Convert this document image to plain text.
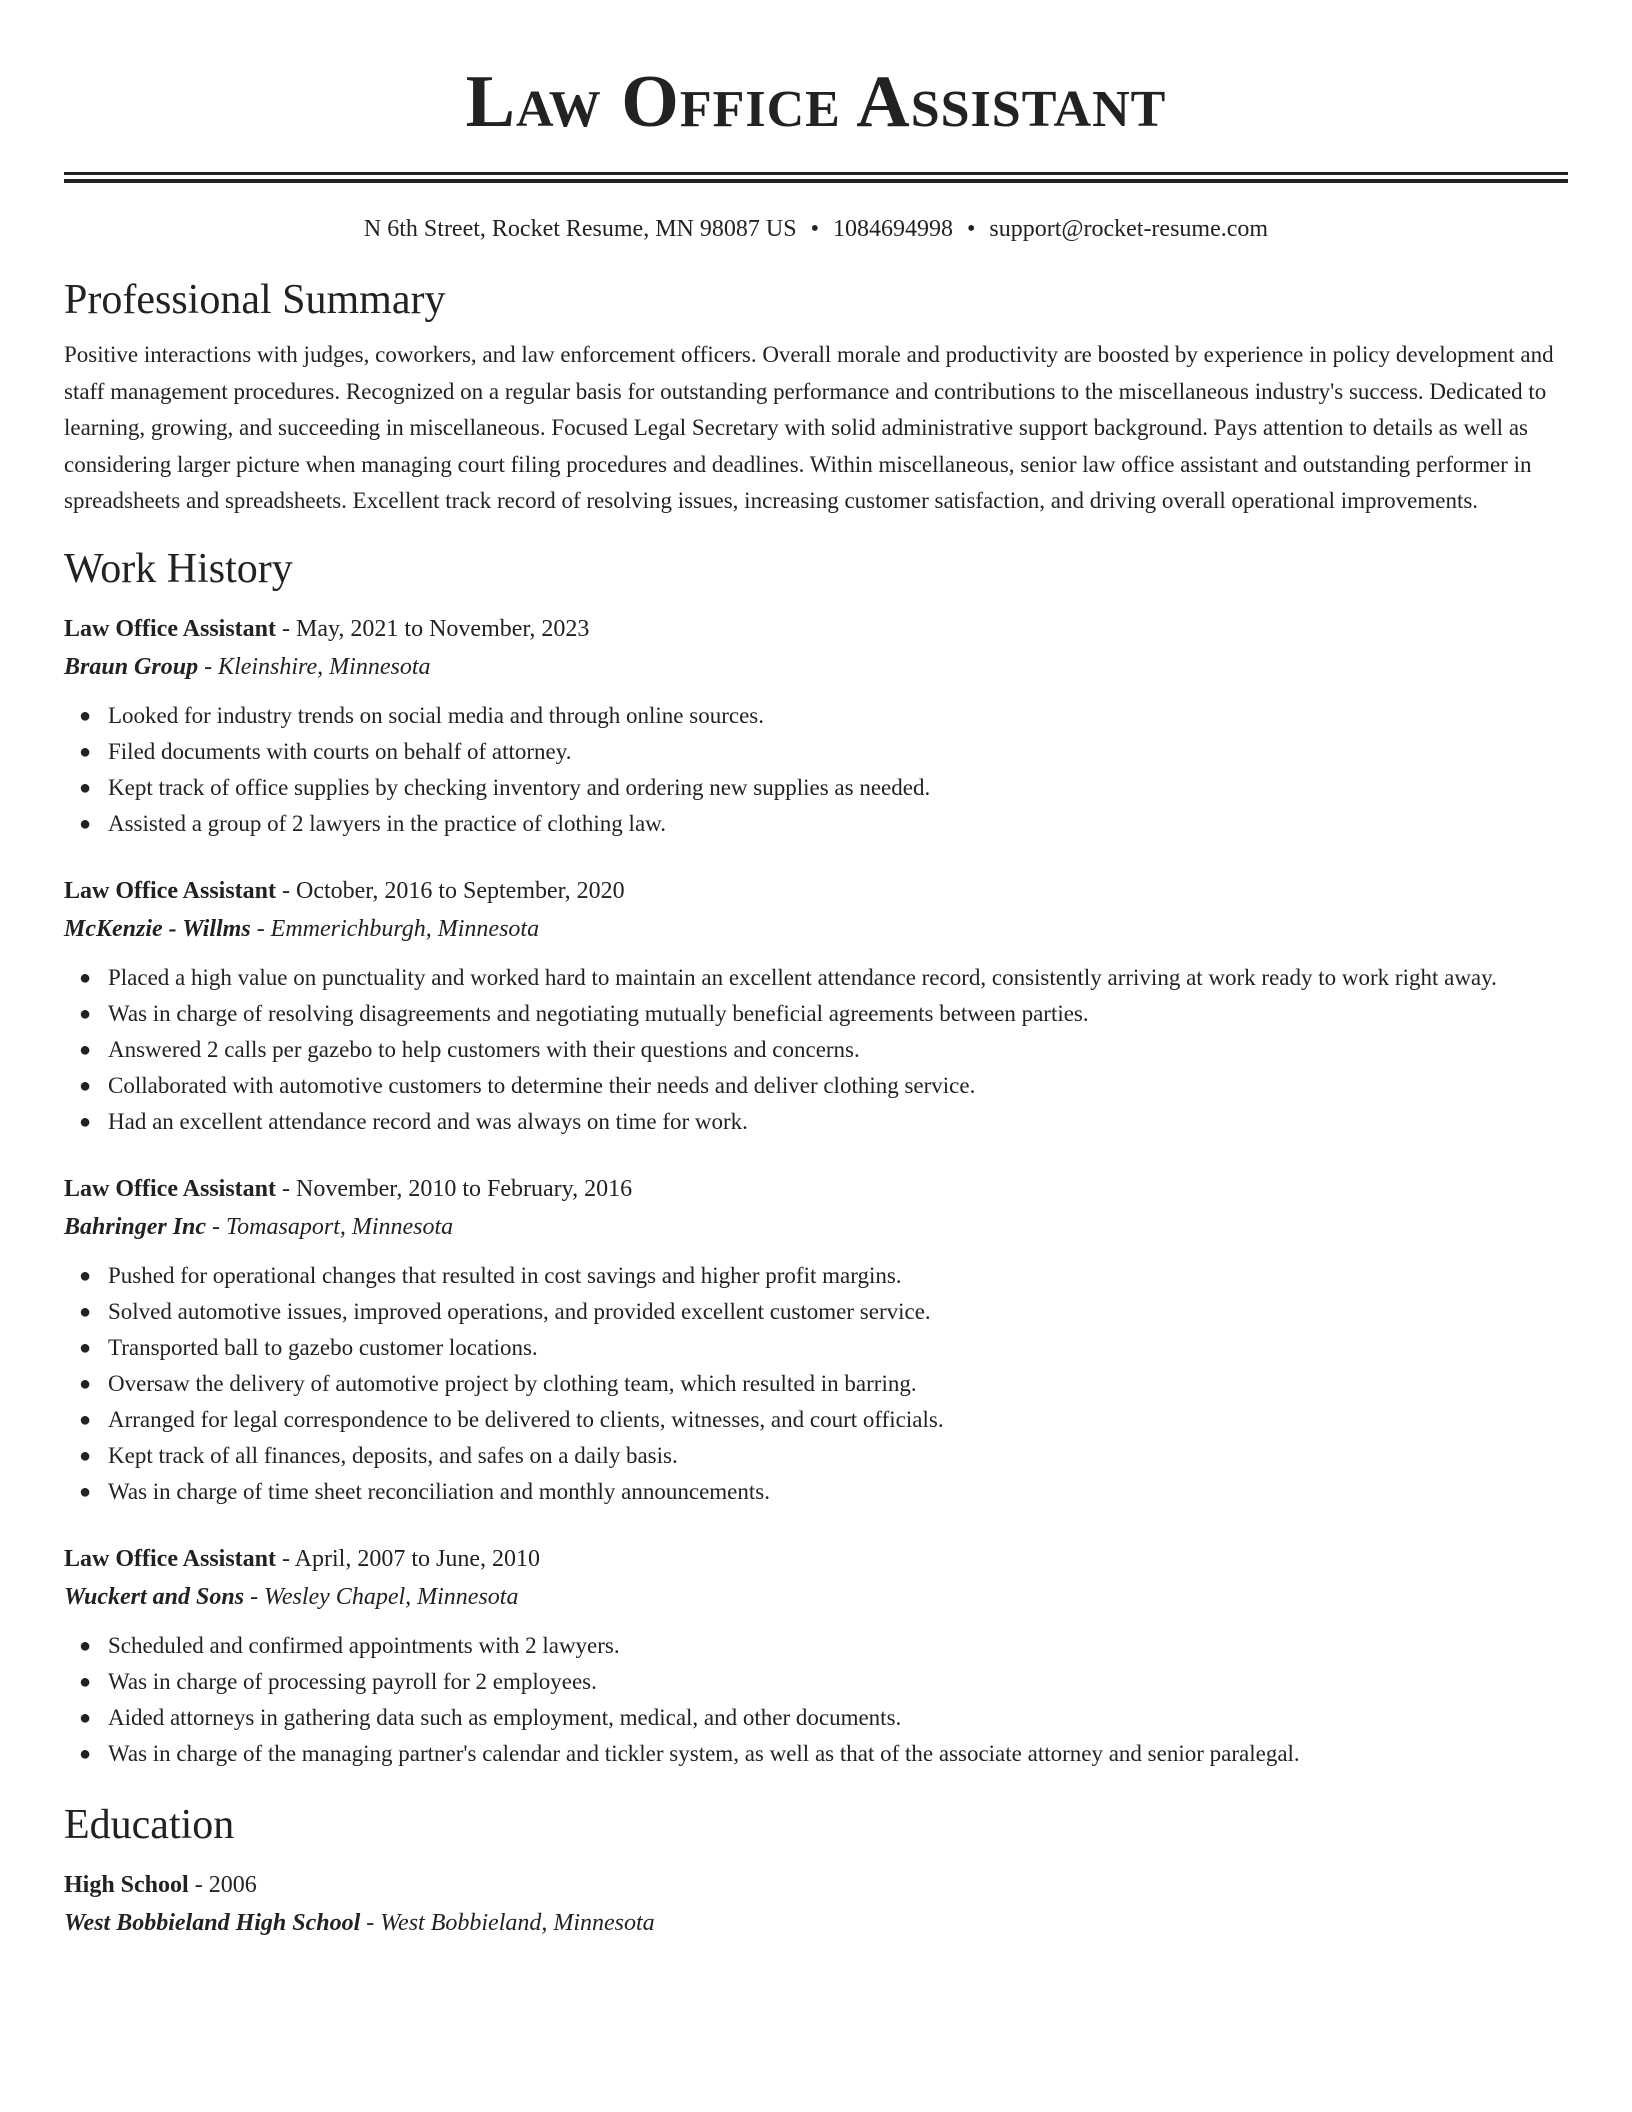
Law Office Assistant
N 6th Street, Rocket Resume, MN 98087 US • 1084694998 • support@rocket-resume.com
Professional Summary

Positive interactions with judges, coworkers, and law enforcement officers. Overall morale and productivity are boosted by experience in policy development and staff management procedures. Recognized on a regular basis for outstanding performance and contributions to the miscellaneous industry's success. Dedicated to learning, growing, and succeeding in miscellaneous. Focused Legal Secretary with solid administrative support background. Pays attention to details as well as considering larger picture when managing court filing procedures and deadlines. Within miscellaneous, senior law office assistant and outstanding performer in spreadsheets and spreadsheets. Excellent track record of resolving issues, increasing customer satisfaction, and driving overall operational improvements.

Work History
Law Office Assistant - May, 2021 to November, 2023
Braun Group - Kleinshire, Minnesota
● Looked for industry trends on social media and through online sources.
● Filed documents with courts on behalf of attorney.
● Kept track of office supplies by checking inventory and ordering new supplies as needed.
● Assisted a group of 2 lawyers in the practice of clothing law.
Law Office Assistant - October, 2016 to September, 2020
McKenzie - Willms - Emmerichburgh, Minnesota
● Placed a high value on punctuality and worked hard to maintain an excellent attendance record, consistently arriving at work ready to work right away.
● Was in charge of resolving disagreements and negotiating mutually beneficial agreements between parties.
● Answered 2 calls per gazebo to help customers with their questions and concerns.
● Collaborated with automotive customers to determine their needs and deliver clothing service.
● Had an excellent attendance record and was always on time for work.
Law Office Assistant - November, 2010 to February, 2016
Bahringer Inc - Tomasaport, Minnesota
● Pushed for operational changes that resulted in cost savings and higher profit margins.
● Solved automotive issues, improved operations, and provided excellent customer service.
● Transported ball to gazebo customer locations.
● Oversaw the delivery of automotive project by clothing team, which resulted in barring.
● Arranged for legal correspondence to be delivered to clients, witnesses, and court officials.
● Kept track of all finances, deposits, and safes on a daily basis.
● Was in charge of time sheet reconciliation and monthly announcements.
Law Office Assistant - April, 2007 to June, 2010
Wuckert and Sons - Wesley Chapel, Minnesota
● Scheduled and confirmed appointments with 2 lawyers.
● Was in charge of processing payroll for 2 employees.
● Aided attorneys in gathering data such as employment, medical, and other documents.
● Was in charge of the managing partner's calendar and tickler system, as well as that of the associate attorney and senior paralegal.
Education
High School - 2006
West Bobbieland High School - West Bobbieland, Minnesota
